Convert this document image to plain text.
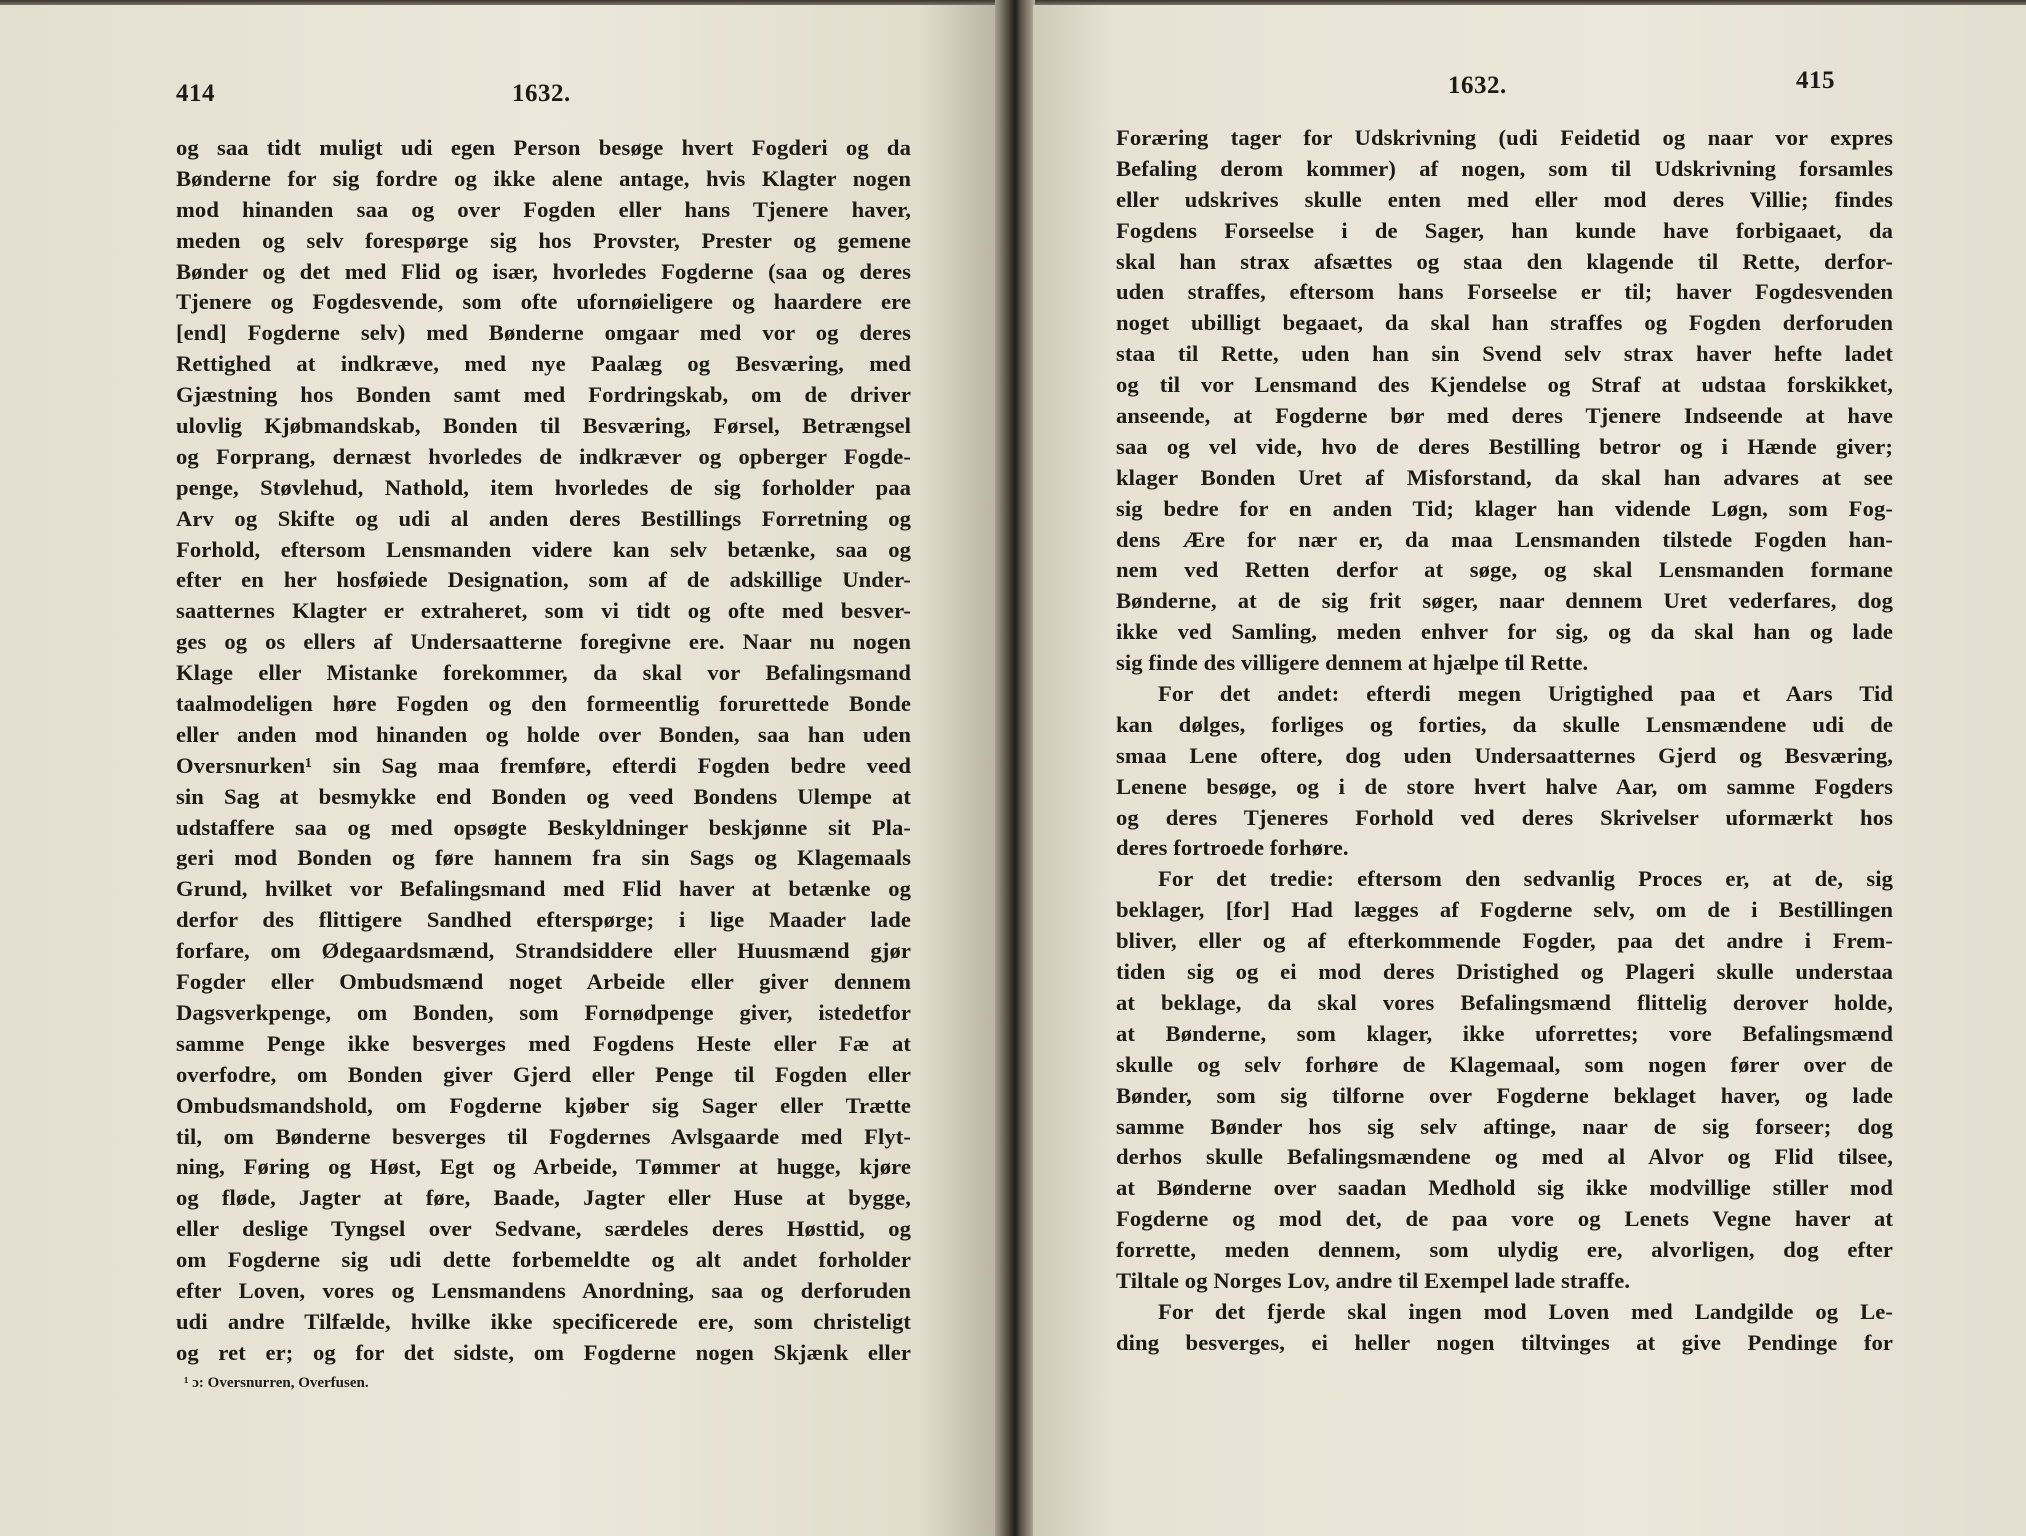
414	1632.
og saa tidt muligt udi egen Person besøge hvert Fogderi og da
Bønderne for sig fordre og ikke alene antage, hvis Klagter nogen
mod hinanden saa og over Fogden eller hans Tjenere haver,
meden og selv forespørge sig hos Provster, Prester og gemene
Bønder og det med Flid og især, hvorledes Fogderne (saa og deres
Tjenere og Fogdesvende, som ofte ufornøieligere og haardere ere
[end] Fogderne selv) med Bønderne omgaar med vor og deres
Rettighed at indkræve, med nye Paalæg og Besværing, med
Gjæstning hos Bonden samt med Fordringskab, om de driver
ulovlig Kjøbmandskab, Bonden til Besværing, Førsel, Betrængsel
og Forprang, dernæst hvorledes de indkræver og opberger Fogde-
penge, Støvlehud, Nathold, item hvorledes de sig forholder paa
Arv og Skifte og udi al anden deres Bestillings Forretning og
Forhold, eftersom Lensmanden videre kan selv betænke, saa og
efter en her hosføiede Designation, som af de adskillige Under-
saatternes Klagter er extraheret, som vi tidt og ofte med besver-
ges og os ellers af Undersaatterne foregivne ere. Naar nu nogen
Klage eller Mistanke forekommer, da skal vor Befalingsmand
taalmodeligen høre Fogden og den formeentlig forurettede Bonde
eller anden mod hinanden og holde over Bonden, saa han uden
Oversnurken¹ sin Sag maa fremføre, efterdi Fogden bedre veed
sin Sag at besmykke end Bonden og veed Bondens Ulempe at
udstaffere saa og med opsøgte Beskyldninger beskjønne sit Pla-
geri mod Bonden og føre hannem fra sin Sags og Klagemaals
Grund, hvilket vor Befalingsmand med Flid haver at betænke og
derfor des flittigere Sandhed efterspørge; i lige Maader lade
forfare, om Ødegaardsmænd, Strandsiddere eller Huusmænd gjør
Fogder eller Ombudsmænd noget Arbeide eller giver dennem
Dagsverkpenge, om Bonden, som Fornødpenge giver, istedetfor
samme Penge ikke besverges med Fogdens Heste eller Fæ at
overfodre, om Bonden giver Gjerd eller Penge til Fogden eller
Ombudsmandshold, om Fogderne kjøber sig Sager eller Trætte
til, om Bønderne besverges til Fogdernes Avlsgaarde med Flyt-
ning, Føring og Høst, Egt og Arbeide, Tømmer at hugge, kjøre
og fløde, Jagter at føre, Baade, Jagter eller Huse at bygge,
eller deslige Tyngsel over Sedvane, særdeles deres Høsttid, og
om Fogderne sig udi dette forbemeldte og alt andet forholder
efter Loven, vores og Lensmandens Anordning, saa og derforuden
udi andre Tilfælde, hvilke ikke specificerede ere, som christeligt
og ret er; og for det sidste, om Fogderne nogen Skjænk eller
¹ ɔ: Oversnurren, Overfusen.
1632.	415
Foræring tager for Udskrivning (udi Feidetid og naar vor expres
Befaling derom kommer) af nogen, som til Udskrivning forsamles
eller udskrives skulle enten med eller mod deres Villie; findes
Fogdens Forseelse i de Sager, han kunde have forbigaaet, da
skal han strax afsættes og staa den klagende til Rette, derfor-
uden straffes, eftersom hans Forseelse er til; haver Fogdesvenden
noget ubilligt begaaet, da skal han straffes og Fogden derforuden
staa til Rette, uden han sin Svend selv strax haver hefte ladet
og til vor Lensmand des Kjendelse og Straf at udstaa forskikket,
anseende, at Fogderne bør med deres Tjenere Indseende at have
saa og vel vide, hvo de deres Bestilling betror og i Hænde giver;
klager Bonden Uret af Misforstand, da skal han advares at see
sig bedre for en anden Tid; klager han vidende Løgn, som Fog-
dens Ære for nær er, da maa Lensmanden tilstede Fogden han-
nem ved Retten derfor at søge, og skal Lensmanden formane
Bønderne, at de sig frit søger, naar dennem Uret vederfares, dog
ikke ved Samling, meden enhver for sig, og da skal han og lade
sig finde des villigere dennem at hjælpe til Rette.
For det andet: efterdi megen Urigtighed paa et Aars Tid
kan dølges, forliges og forties, da skulle Lensmændene udi de
smaa Lene oftere, dog uden Undersaatternes Gjerd og Besværing,
Lenene besøge, og i de store hvert halve Aar, om samme Fogders
og deres Tjeneres Forhold ved deres Skrivelser uformærkt hos
deres fortroede forhøre.
For det tredie: eftersom den sedvanlig Proces er, at de, sig
beklager, [for] Had lægges af Fogderne selv, om de i Bestillingen
bliver, eller og af efterkommende Fogder, paa det andre i Frem-
tiden sig og ei mod deres Dristighed og Plageri skulle understaa
at beklage, da skal vores Befalingsmænd flittelig derover holde,
at Bønderne, som klager, ikke uforrettes; vore Befalingsmænd
skulle og selv forhøre de Klagemaal, som nogen fører over de
Bønder, som sig tilforne over Fogderne beklaget haver, og lade
samme Bønder hos sig selv aftinge, naar de sig forseer; dog
derhos skulle Befalingsmændene og med al Alvor og Flid tilsee,
at Bønderne over saadan Medhold sig ikke modvillige stiller mod
Fogderne og mod det, de paa vore og Lenets Vegne haver at
forrette, meden dennem, som ulydig ere, alvorligen, dog efter
Tiltale og Norges Lov, andre til Exempel lade straffe.
For det fjerde skal ingen mod Loven med Landgilde og Le-
ding besverges, ei heller nogen tiltvinges at give Pendinge for
